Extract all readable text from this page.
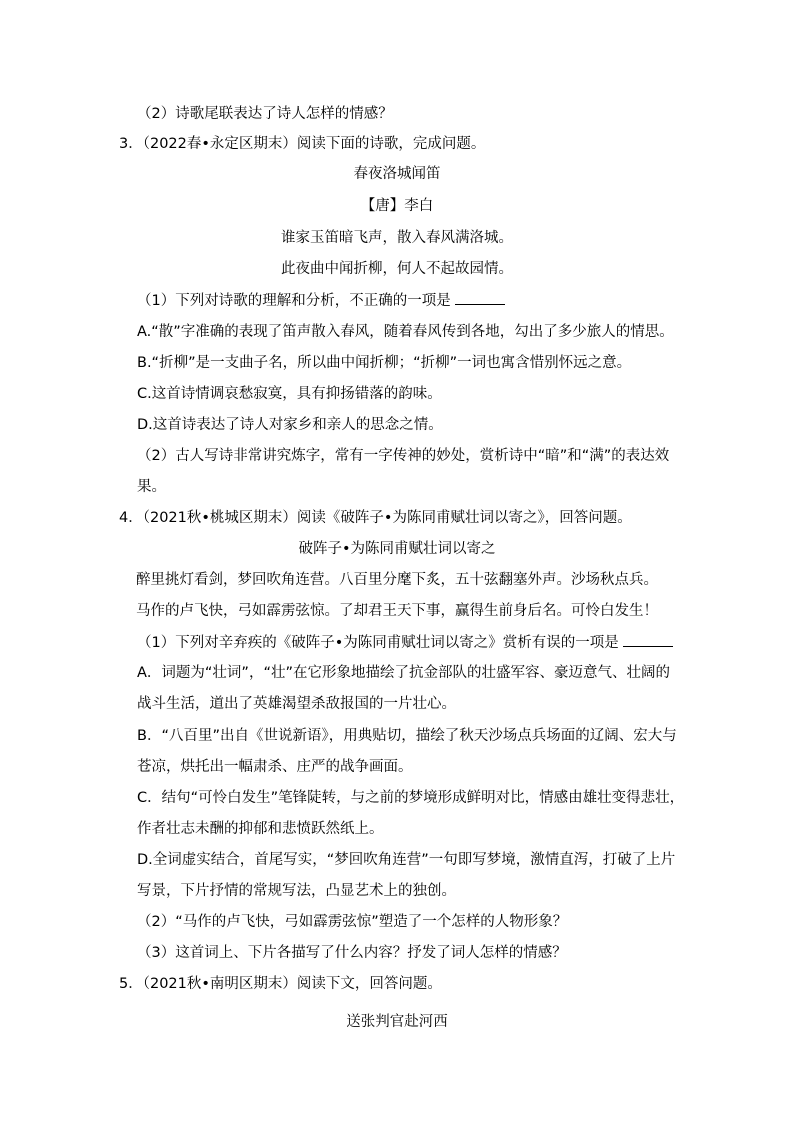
（2）诗歌尾联表达了诗人怎样的情感？
3．（2022春•永定区期末）阅读下面的诗歌，完成问题。
春夜洛城闻笛
【唐】李白
谁家玉笛暗飞声，散入春风满洛城。
此夜曲中闻折柳，何人不起故园情。
（1）下列对诗歌的理解和分析，不正确的一项是
A.“散”字准确的表现了笛声散入春风，随着春风传到各地，勾出了多少旅人的情思。
B.“折柳”是一支曲子名，所以曲中闻折柳；“折柳”一词也寓含惜别怀远之意。
C.这首诗情调哀愁寂寞，具有抑扬错落的韵味。
D.这首诗表达了诗人对家乡和亲人的思念之情。
（2）古人写诗非常讲究炼字，常有一字传神的妙处，赏析诗中“暗”和“满”的表达效
果。
4．（2021秋•桃城区期末）阅读《破阵子•为陈同甫赋壮词以寄之》，回答问题。
破阵子•为陈同甫赋壮词以寄之
醉里挑灯看剑，梦回吹角连营。八百里分麾下炙，五十弦翻塞外声。沙场秋点兵。
马作的卢飞快，弓如霹雳弦惊。了却君王天下事，赢得生前身后名。可怜白发生！
（1）下列对辛弃疾的《破阵子•为陈同甫赋壮词以寄之》赏析有误的一项是
A．词题为“壮词”，“壮”在它形象地描绘了抗金部队的壮盛军容、豪迈意气、壮阔的
战斗生活，道出了英雄渴望杀敌报国的一片壮心。
B．“八百里”出自《世说新语》，用典贴切，描绘了秋天沙场点兵场面的辽阔、宏大与
苍凉，烘托出一幅肃杀、庄严的战争画面。
C．结句“可怜白发生”笔锋陡转，与之前的梦境形成鲜明对比，情感由雄壮变得悲壮，
作者壮志未酬的抑郁和悲愤跃然纸上。
D.全词虚实结合，首尾写实，“梦回吹角连营”一句即写梦境，激情直泻，打破了上片
写景，下片抒情的常规写法，凸显艺术上的独创。
（2）“马作的卢飞快，弓如霹雳弦惊”塑造了一个怎样的人物形象？
（3）这首词上、下片各描写了什么内容？抒发了词人怎样的情感？
5．（2021秋•南明区期末）阅读下文，回答问题。
送张判官赴河西
